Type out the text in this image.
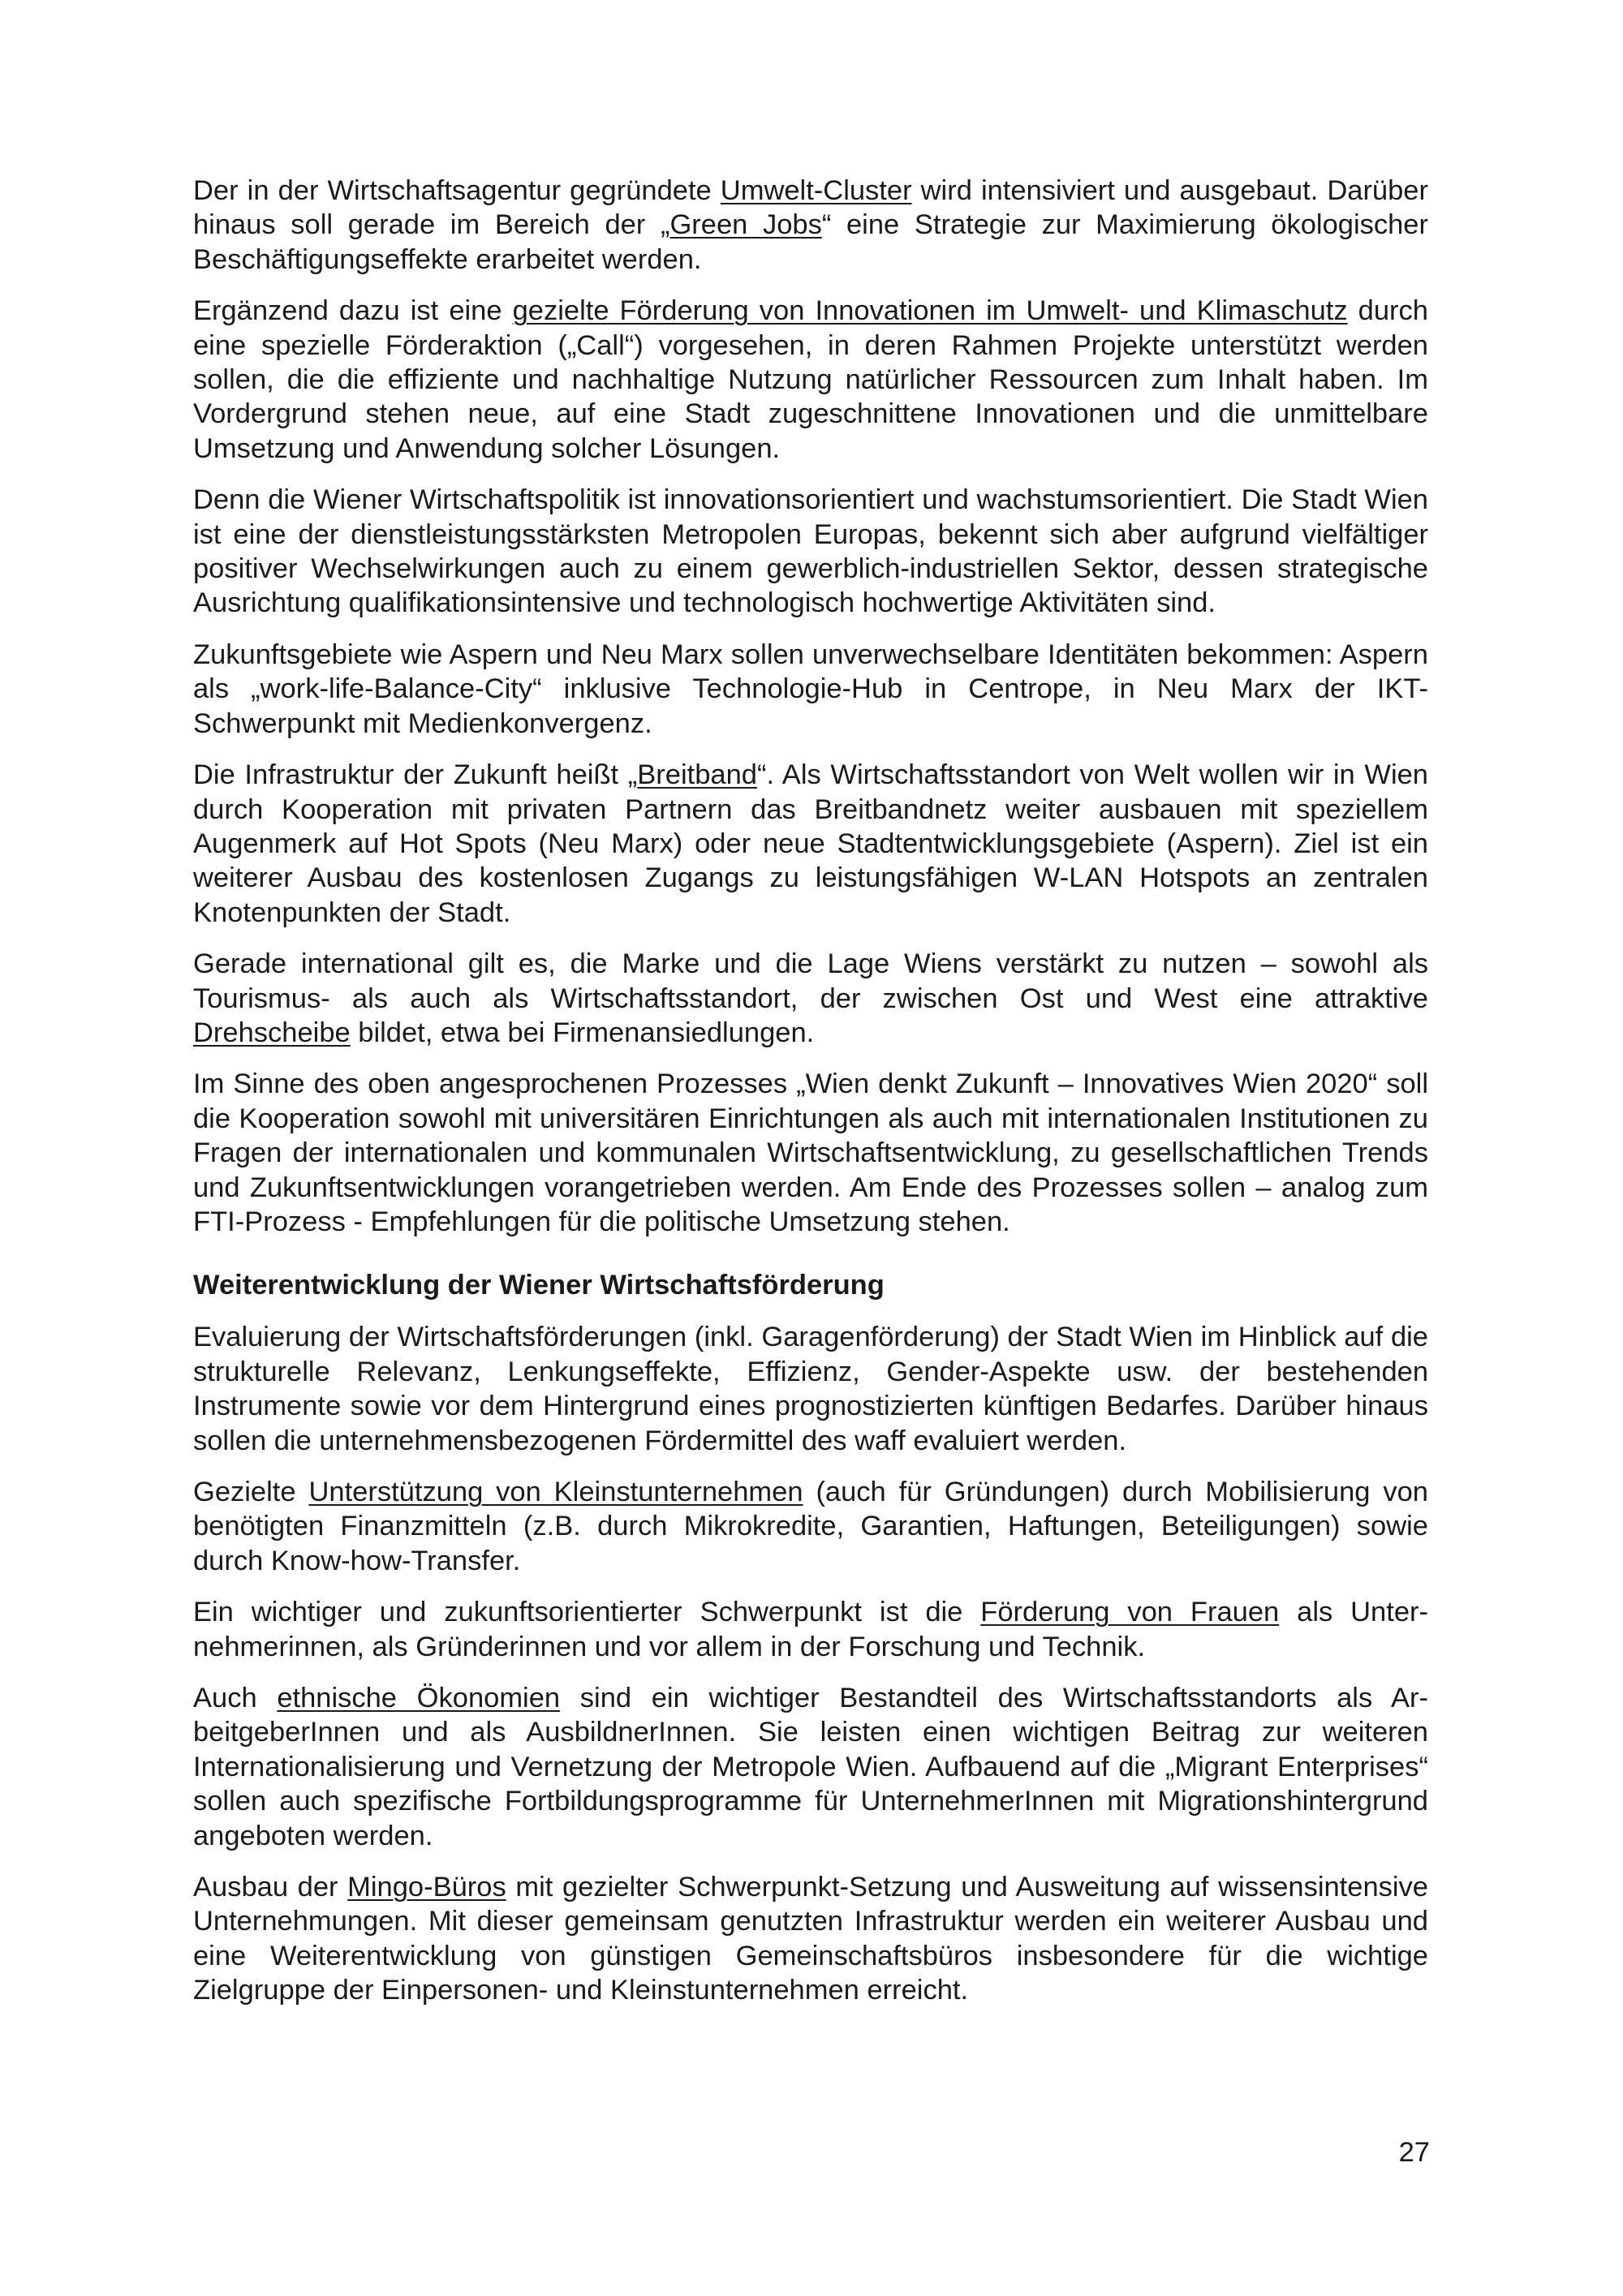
Der in der Wirtschaftsagentur gegründete Umwelt-Cluster wird intensiviert und ausgebaut. Darüber hinaus soll gerade im Bereich der „Green Jobs“ eine Strategie zur Maximierung ökologischer Beschäftigungseffekte erarbeitet werden.

Ergänzend dazu ist eine gezielte Förderung von Innovationen im Umwelt- und Klimaschutz durch eine spezielle Förderaktion („Call“) vorgesehen, in deren Rahmen Projekte unterstützt werden sollen, die die effiziente und nachhaltige Nutzung natürlicher Ressourcen zum Inhalt haben. Im Vordergrund stehen neue, auf eine Stadt zugeschnittene Innovationen und die unmittelbare Umsetzung und Anwendung solcher Lösungen.

Denn die Wiener Wirtschaftspolitik ist innovationsorientiert und wachstumsorientiert. Die Stadt Wien ist eine der dienstleistungsstärksten Metropolen Europas, bekennt sich aber aufgrund vielfältiger positiver Wechselwirkungen auch zu einem gewerblich-industriellen Sektor, dessen strategische Ausrichtung qualifikationsintensive und technologisch hochwertige Aktivitäten sind.

Zukunftsgebiete wie Aspern und Neu Marx sollen unverwechselbare Identitäten bekommen: Aspern als „work-life-Balance-City“ inklusive Technologie-Hub in Centrope, in Neu Marx der IKT-Schwerpunkt mit Medienkonvergenz.

Die Infrastruktur der Zukunft heißt „Breitband“. Als Wirtschaftsstandort von Welt wollen wir in Wien durch Kooperation mit privaten Partnern das Breitbandnetz weiter ausbauen mit speziellem Augenmerk auf Hot Spots (Neu Marx) oder neue Stadtentwicklungsgebiete (Aspern). Ziel ist ein weiterer Ausbau des kostenlosen Zugangs zu leistungsfähigen W-LAN Hotspots an zentralen Knotenpunkten der Stadt.

Gerade international gilt es, die Marke und die Lage Wiens verstärkt zu nutzen – sowohl als Tourismus- als auch als Wirtschaftsstandort, der zwischen Ost und West eine attraktive Drehscheibe bildet, etwa bei Firmenansiedlungen.

Im Sinne des oben angesprochenen Prozesses „Wien denkt Zukunft – Innovatives Wien 2020“ soll die Kooperation sowohl mit universitären Einrichtungen als auch mit internationalen Institutionen zu Fragen der internationalen und kommunalen Wirtschaftsentwicklung, zu gesellschaftlichen Trends und Zukunftsentwicklungen vorangetrieben werden. Am Ende des Prozesses sollen – analog zum FTI-Prozess - Empfehlungen für die politische Umsetzung stehen.

Weiterentwicklung der Wiener Wirtschaftsförderung

Evaluierung der Wirtschaftsförderungen (inkl. Garagenförderung) der Stadt Wien im Hinblick auf die strukturelle Relevanz, Lenkungseffekte, Effizienz, Gender-Aspekte usw. der bestehenden Instrumente sowie vor dem Hintergrund eines prognostizierten künftigen Bedarfes. Darüber hinaus sollen die unternehmensbezogenen Fördermittel des waff evaluiert werden.

Gezielte Unterstützung von Kleinstunternehmen (auch für Gründungen) durch Mobilisierung von benötigten Finanzmitteln (z.B. durch Mikrokredite, Garantien, Haftungen, Beteiligungen) sowie durch Know-how-Transfer.

Ein wichtiger und zukunftsorientierter Schwerpunkt ist die Förderung von Frauen als Unternehmerinnen, als Gründerinnen und vor allem in der Forschung und Technik.

Auch ethnische Ökonomien sind ein wichtiger Bestandteil des Wirtschaftsstandorts als ArbeitgeberInnen und als AusbildnerInnen. Sie leisten einen wichtigen Beitrag zur weiteren Internationalisierung und Vernetzung der Metropole Wien. Aufbauend auf die „Migrant Enterprises“ sollen auch spezifische Fortbildungsprogramme für UnternehmerInnen mit Migrationshintergrund angeboten werden.

Ausbau der Mingo-Büros mit gezielter Schwerpunkt-Setzung und Ausweitung auf wissensintensive Unternehmungen. Mit dieser gemeinsam genutzten Infrastruktur werden ein weiterer Ausbau und eine Weiterentwicklung von günstigen Gemeinschaftsbüros insbesondere für die wichtige Zielgruppe der Einpersonen- und Kleinstunternehmen erreicht.

27
